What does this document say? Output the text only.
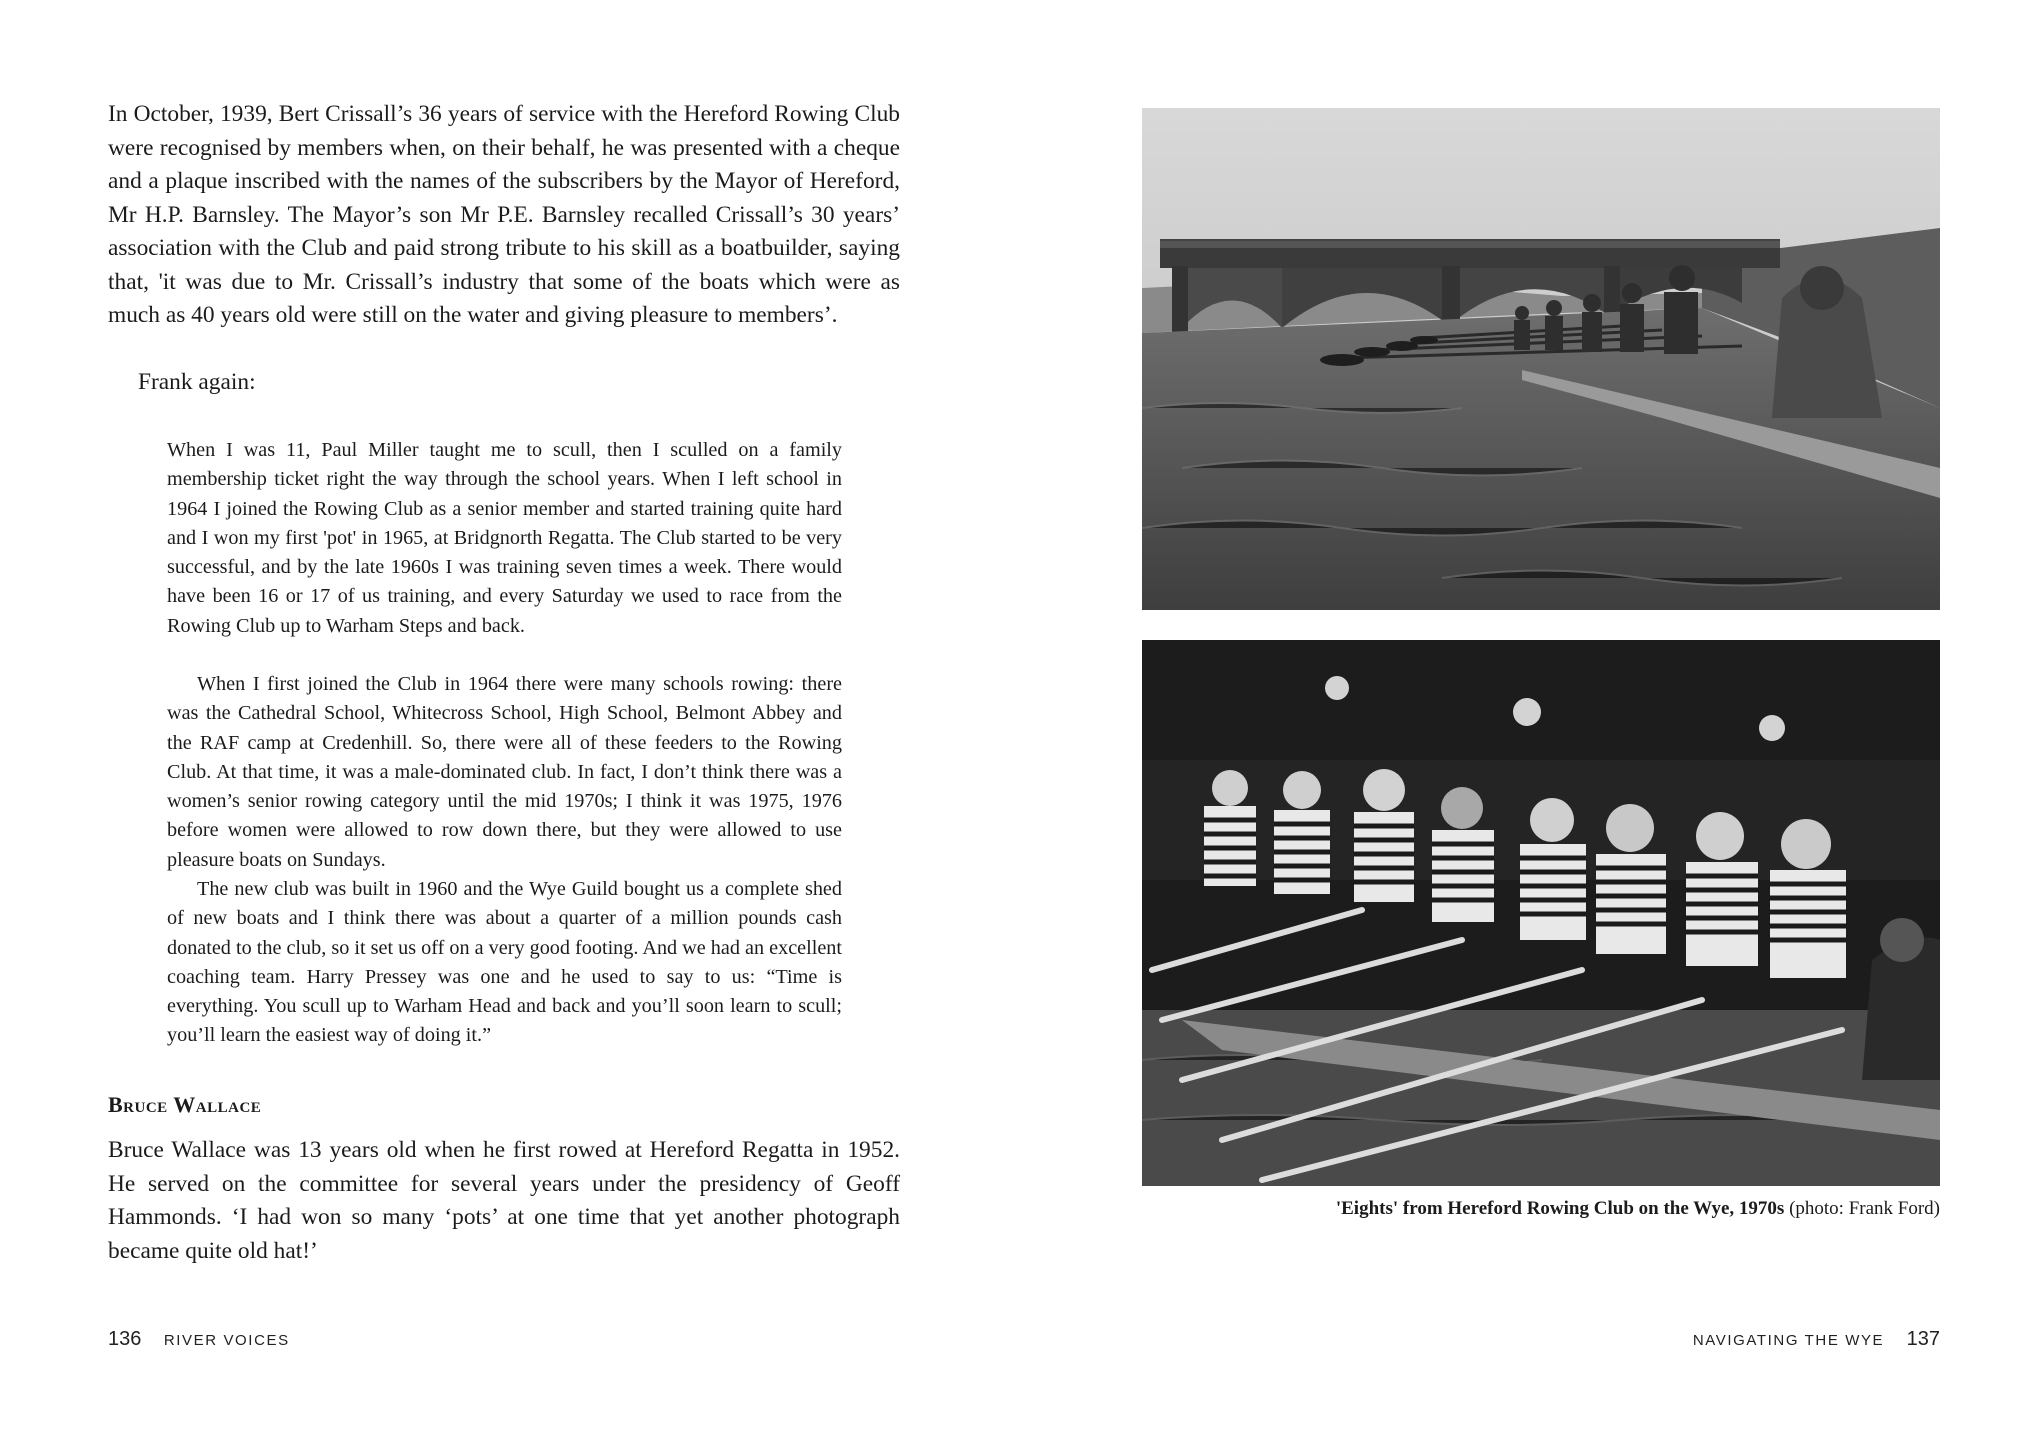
In October, 1939, Bert Crissall’s 36 years of service with the Hereford Rowing Club were recognised by members when, on their behalf, he was presented with a cheque and a plaque inscribed with the names of the subscribers by the Mayor of Hereford, Mr H.P. Barnsley. The Mayor’s son Mr P.E. Barnsley recalled Crissall’s 30 years’ association with the Club and paid strong tribute to his skill as a boatbuilder, saying that, 'it was due to Mr. Crissall’s industry that some of the boats which were as much as 40 years old were still on the water and giving pleasure to members’.

Frank again:

When I was 11, Paul Miller taught me to scull, then I sculled on a family membership ticket right the way through the school years. When I left school in 1964 I joined the Rowing Club as a senior member and started training quite hard and I won my first 'pot' in 1965, at Bridgnorth Regatta. The Club started to be very successful, and by the late 1960s I was training seven times a week. There would have been 16 or 17 of us training, and every Saturday we used to race from the Rowing Club up to Warham Steps and back.

When I first joined the Club in 1964 there were many schools rowing: there was the Cathedral School, Whitecross School, High School, Belmont Abbey and the RAF camp at Credenhill. So, there were all of these feeders to the Rowing Club. At that time, it was a male-dominated club. In fact, I don’t think there was a women’s senior rowing category until the mid 1970s; I think it was 1975, 1976 before women were allowed to row down there, but they were allowed to use pleasure boats on Sundays.

The new club was built in 1960 and the Wye Guild bought us a complete shed of new boats and I think there was about a quarter of a million pounds cash donated to the club, so it set us off on a very good footing. And we had an excellent coaching team. Harry Pressey was one and he used to say to us: “Time is everything. You scull up to Warham Head and back and you’ll soon learn to scull; you’ll learn the easiest way of doing it.”

Bruce Wallace

Bruce Wallace was 13 years old when he first rowed at Hereford Regatta in 1952. He served on the committee for several years under the presidency of Geoff Hammonds. ‘I had won so many ‘pots’ at one time that yet another photograph became quite old hat!’

136 RIVER VOICES
'Eights' from Hereford Rowing Club on the Wye, 1970s (photo: Frank Ford)
NAVIGATING THE WYE 137
